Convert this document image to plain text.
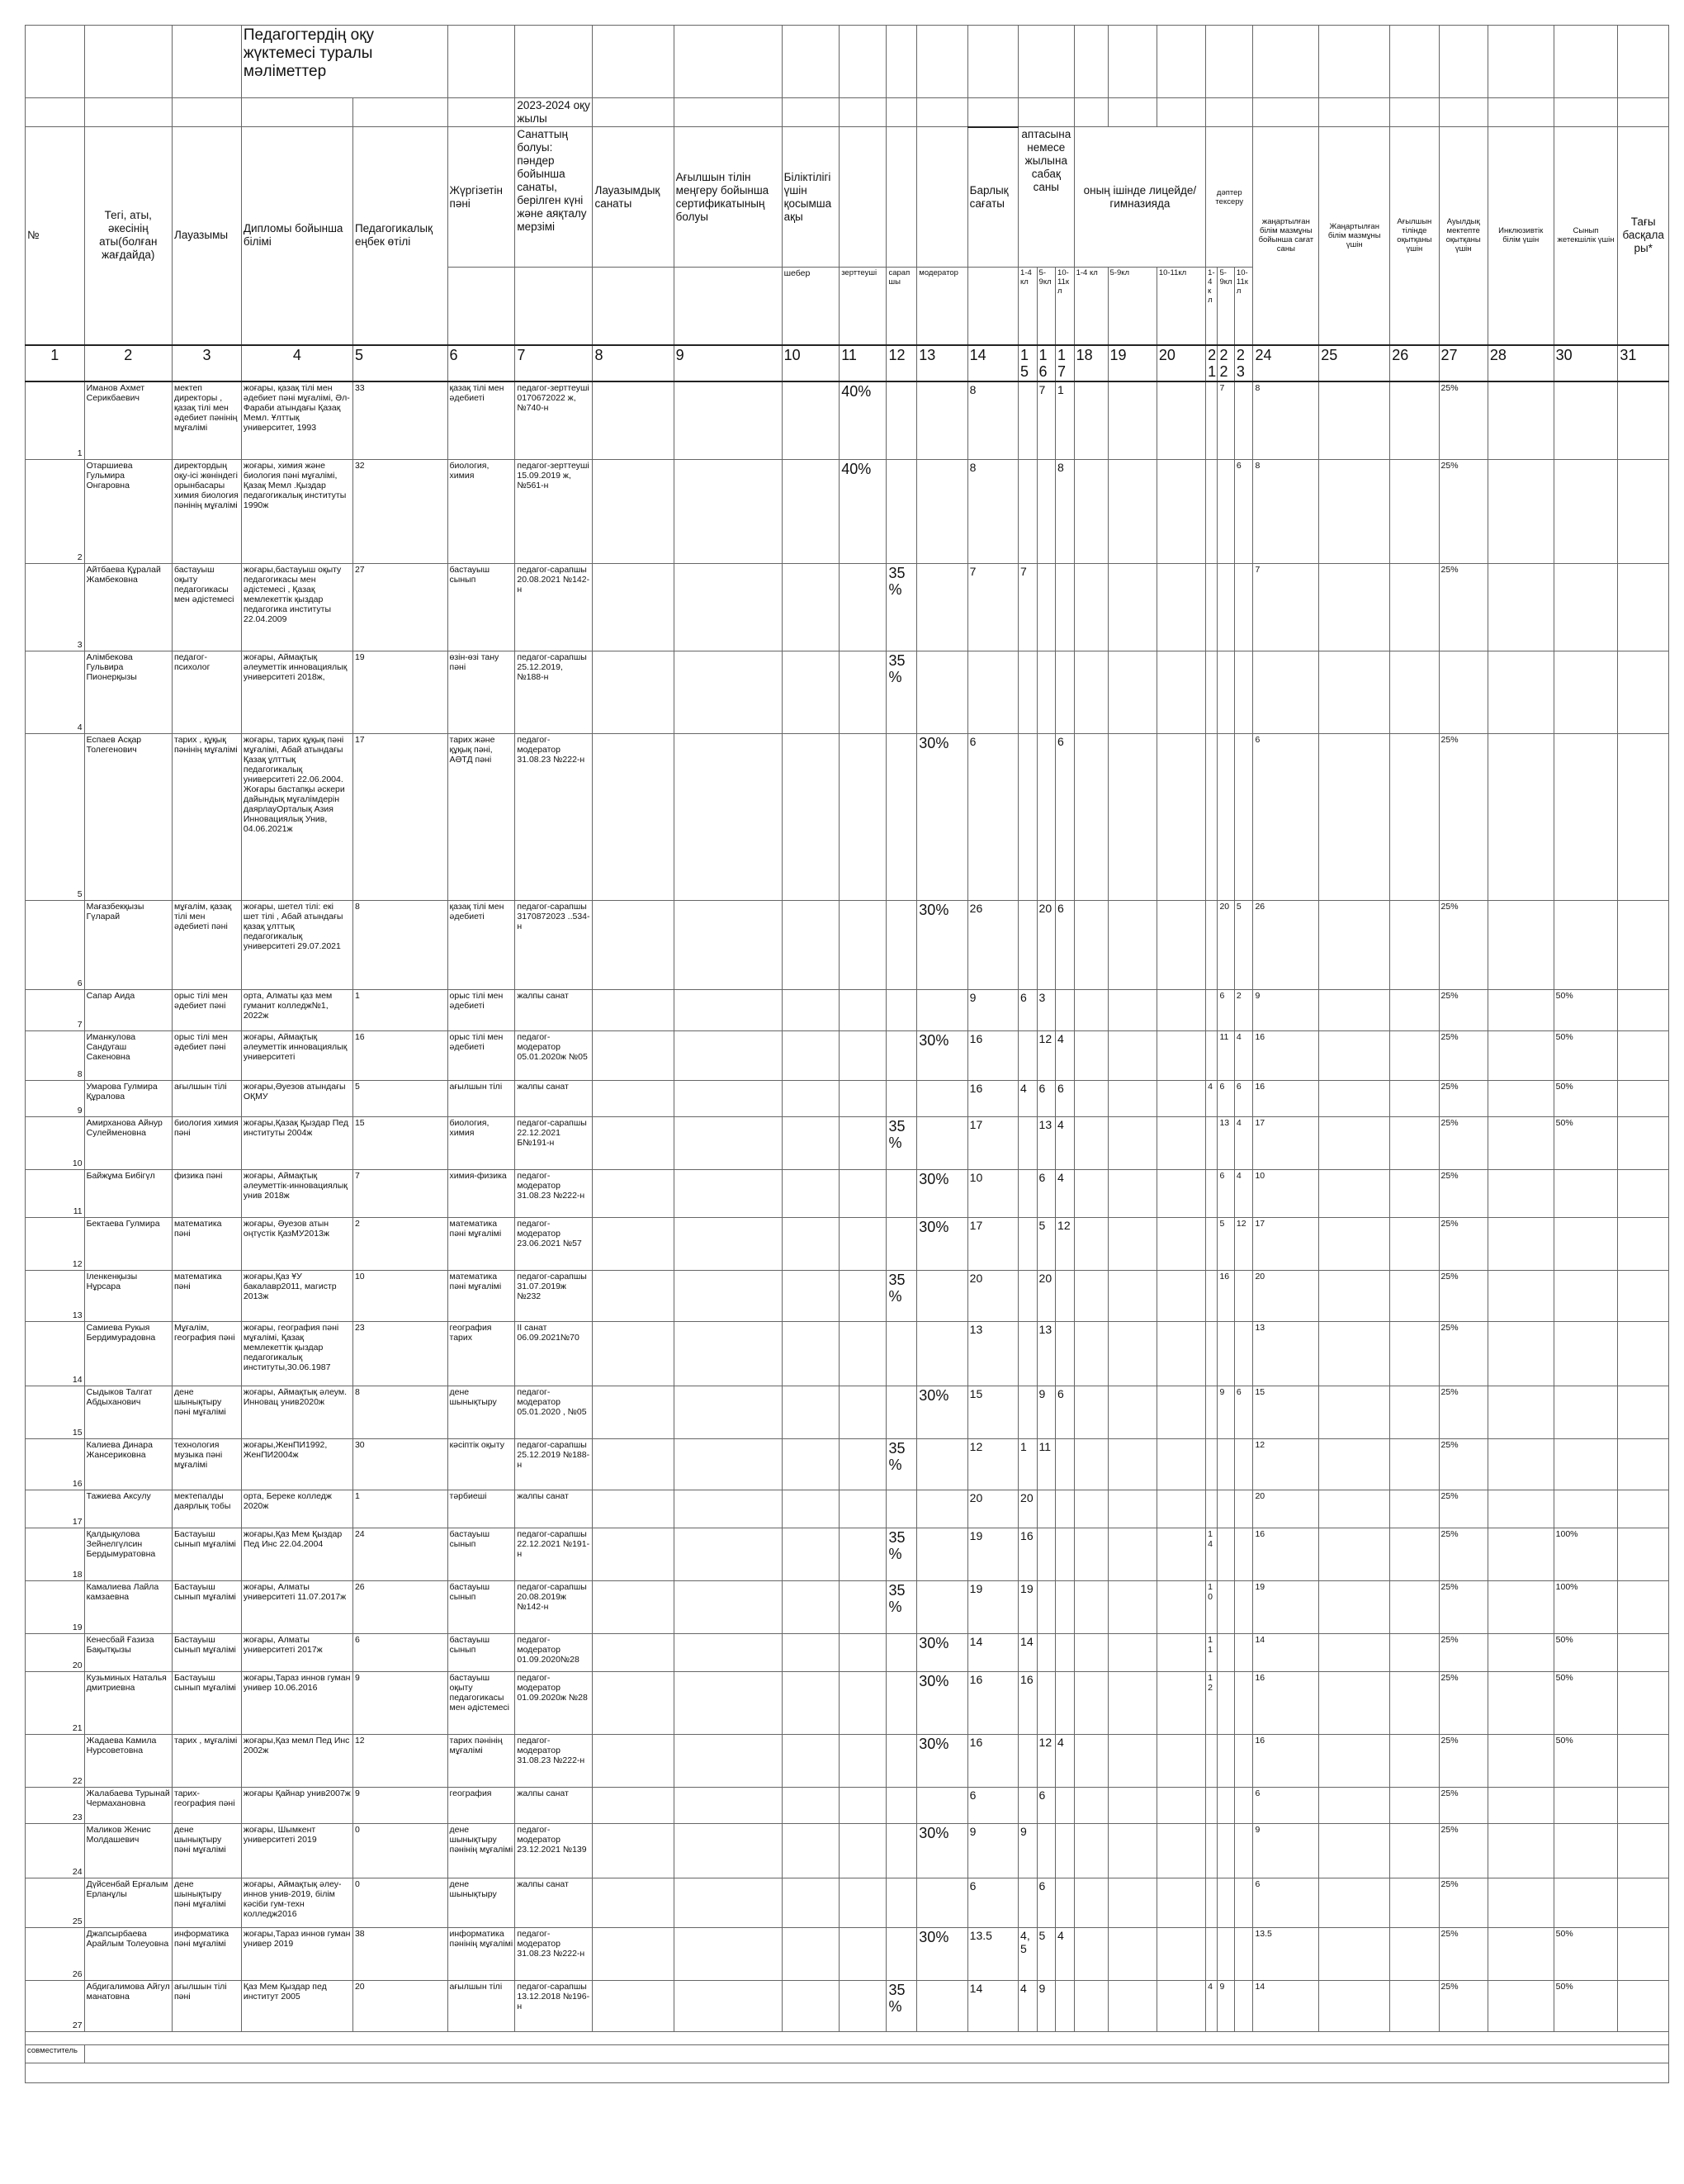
			Педагогтердің оқу жүктемесі туралы мәліметтер																										
						2023-2024 оқу жылы																							
№	Тегі, аты, әкесінің аты(болған жағдайда)	Лауазымы	Дипломы бойынша білімі	Педагогикалық еңбек өтілі	Жүргізетін пәні	Санаттың болуы: пәндер бойынша санаты, берілген күні және аяқталу мерзімі	Лауазымдық санаты	Ағылшын тілін меңгеру бойынша сертификатының болуы	Біліктілігі үшін қосымша ақы				Барлық сағаты	аптасына немесе жылына сабақ саны			оның ішінде лицейде/гимназияда			дәптер тексеру			жаңартылған білім мазмұны бойынша сағат саны	Жаңартылған білім мазмұны үшін	Ағылшын тілінде оқытқаны үшін	Ауылдық мектепте оқытқаны үшін	Инклюзивтік білім үшін	Сынып жетекшілік үшін	Тағы басқалары*
									шебер	зерттеуші	сарапшы	модератор		1-4 кл	5-9кл	10-11кл	1-4 кл	5-9кл	10-11кл	1-4 кл	5-9кл	10-11кл							
1	2	3	4	5	6	7	8	9	10	11	12	13	14	15	16	17	18	19	20	21	22	23	24	25	26	27	28	30	31
1	Иманов Ахмет Серикбаевич	мектеп директоры , қазақ тілі мен әдебиет пәнінің мұғалімі	жоғары, қазақ тілі мен әдебиет пәні мұғалімі, Әл-Фараби атындағы Қазақ Мемл. Ұлттық университет, 1993	33	қазақ тілі мен әдебиеті	педагог-зерттеуші 0170672022 ж, №740-н				40%			8		7	1					7		8			25%			
2	Отаршиева Гульмира Онгаровна	директордың оқу-ісі жөніндегі орынбасары химия биология пәнінің мұғалімі	жоғары, химия және биология пәні мұғалімі, Қазақ Мемл .Қыздар педагогикалық институты 1990ж	32	биология, химия	педагог-зерттеуші 15.09.2019 ж, №561-н				40%			8			8						6	8			25%			
3	Айтбаева Құралай Жамбековна	бастауыш оқыту педагогикасы мен әдістемесі	жоғары,бастауыш оқыту педагогикасы мен әдістемесі , Қазақ мемлекеттік қыздар педагогика институты 22.04.2009	27	бастауыш сынып	педагог-сарапшы 20.08.2021 №142-н					35%		7	7									7			25%			
4	Алімбекова Гульвира Пионерқызы	педагог-психолог	жоғары, Аймақтық әлеуметтік инновациялық университеті 2018ж,	19	өзін-өзі тану пәні	педагог-сарапшы 25.12.2019, №188-н					35%																		
5	Еспаев Асқар Толегенович	тарих , құқық пәнінің мұғалімі	жоғары, тарих құқық пәні мұғалімі, Абай атындағы Қазақ ұлттық педагогикалық университеті 22.06.2004. Жоғары бастапқы әскери дайындық мұғалімдерін даярлауОрталық Азия Инновациялық Унив, 04.06.2021ж	17	тарих және құқық пәні, АӘТД пәні	педагог-модератор 31.08.23 №222-н						30%	6			6							6			25%			
6	Мағазбекқызы Гүларай	мұғалім, қазақ тілі мен әдебиеті пәні	жоғары, шетел тілі: екі шет тілі , Абай атындағы қазақ ұлттық педагогикалық университеті 29.07.2021	8	қазақ тілі мен әдебиеті	педагог-сарапшы 3170872023 ..534-н						30%	26		20	6					20	5	26			25%			
7	Сапар Аида	орыс тілі мен әдебиет пәні	орта, Алматы қаз мем гуманит колледж№1, 2022ж	1	орыс тілі мен әдебиеті	жалпы санат							9	6	3						6	2	9			25%		50%	
8	Иманкулова Сандугаш Сакеновна	орыс тілі мен әдебиет пәні	жоғары, Аймақтық әлеуметтік инновациялық университеті	16	орыс тілі мен әдебиеті	педагог-модератор 05.01.2020ж №05						30%	16		12	4					11	4	16			25%		50%	
9	Умарова Гулмира Құралова	ағылшын тілі	жоғары,Әуезов атындағы ОҚМУ	5	ағылшын тілі	жалпы санат							16	4	6	6				4	6	6	16			25%		50%	
10	Амирханова Айнур Сулейменовна	биология химия пәні	жоғары,Қазақ Қыздар Пед институты 2004ж	15	биология, химия	педагог-сарапшы 22.12.2021 Б№191-н					35%		17		13	4					13	4	17			25%		50%	
11	Байжұма Бибігүл	физика пәні	жоғары, Аймақтық әлеуметтік-инновациялық унив 2018ж	7	химия-физика	педагог-модератор 31.08.23 №222-н						30%	10		6	4					6	4	10			25%			
12	Бектаева Гулмира	математика пәні	жоғары, Әуезов атын оңтүстік ҚазМУ2013ж	2	математика пәні мұғалімі	педагог-модератор 23.06.2021 №57						30%	17		5	12					5	12	17			25%			
13	Іленкенқызы Нұрсара	математика пәні	жоғары,Қаз ҰУ бакалавр2011, магистр 2013ж	10	математика пәні мұғалімі	педагог-сарапшы 31.07.2019ж №232					35%		20		20						16		20			25%			
14	Самиева Рукыя Бердимурадовна	Мұғалім, география пәні	жоғары, география пәні мұғалімі, Қазақ мемлекеттік қыздар педагогикалық институты,30.06.1987	23	география тарих	ІІ санат 06.09.2021№70							13		13								13			25%			
15	Сыдыков Талгат Абдыханович	дене шынықтыру пәні мұғалімі	жоғары, Аймақтық әлеум. Инновац унив2020ж	8	дене шынықтыру	педагог-модератор 05.01.2020 , №05						30%	15		9	6					9	6	15			25%			
16	Калиева Динара Жансериковна	технология музыка пәні мұғалімі	жоғары,ЖенПИ1992, ЖенПИ2004ж	30	кәсіптік оқыту	педагог-сарапшы 25.12.2019 №188-н					35%		12	1	11								12			25%			
17	Тажиева Аксулу	мектепалды даярлық тобы	орта, Береке колледж 2020ж	1	тәрбиеші	жалпы санат							20	20									20			25%			
18	Қалдықулова Зейнелгүлсин Бердымуратовна	Бастауыш сынып мұғалімі	жоғары,Қаз Мем Қыздар Пед Инс 22.04.2004	24	бастауыш сынып	педагог-сарапшы 22.12.2021 №191-н					35%		19	16						14			16			25%		100%	
19	Камалиева Лайла камзаевна	Бастауыш сынып мұғалімі	жоғары, Алматы университеті 11.07.2017ж	26	бастауыш сынып	педагог-сарапшы 20.08.2019ж №142-н					35%		19	19						10			19			25%		100%	
20	Кенесбай Ғазиза Бақытқызы	Бастауыш сынып мұғалімі	жоғары, Алматы университеті 2017ж	6	бастауыш сынып	педагог-модератор 01.09.2020№28						30%	14	14						11			14			25%		50%	
21	Кузьминых Наталья дмитриевна	Бастауыш сынып мұғалімі	жоғары,Тараз иннов гуман универ 10.06.2016	9	бастауыш оқыту педагогикасы мен әдістемесі	педагог-модератор 01.09.2020ж №28						30%	16	16						12			16			25%		50%	
22	Жадаева Камила Нурсоветовна	тарих , мұғалімі	жоғары,Қаз мемл Пед Инс 2002ж	12	тарих пәнінің мұғалімі	педагог-модератор 31.08.23 №222-н						30%	16		12	4							16			25%		50%	
23	Жалабаева Турынай Чермахановна	тарих-география пәні	жоғары Қайнар унив2007ж	9	география	жалпы санат							6		6								6			25%			
24	Маликов Женис Молдашевич	дене шынықтыру пәні мұғалімі	жоғары, Шымкент университеті 2019	0	дене шынықтыру пәнінің мұғалімі	педагог-модератор 23.12.2021 №139						30%	9	9									9			25%			
25	Дүйсенбай Ерғалым Ерланұлы	дене шынықтыру пәні мұғалімі	жоғары, Аймақтық әлеу-иннов унив-2019, білім кәсіби гум-техн колледж2016	0	дене шынықтыру	жалпы санат							6		6								6			25%			
26	Джапсырбаева Арайлым Толеуовна	информатика пәні мұғалімі	жоғары,Тараз иннов гуман универ 2019	38	информатика пәнінің мұғалімі	педагог-модератор 31.08.23 №222-н						30%	13.5	4,5	5	4							13.5			25%		50%	
27	Абдигалимова Айгул манатовна	ағылшын тілі пәні	Қаз Мем Қыздар пед институт 2005	20	ағылшын тілі	педагог-сарапшы 13.12.2018 №196-н					35%		14	4	9					4	9		14			25%		50%	

совместитель																													
